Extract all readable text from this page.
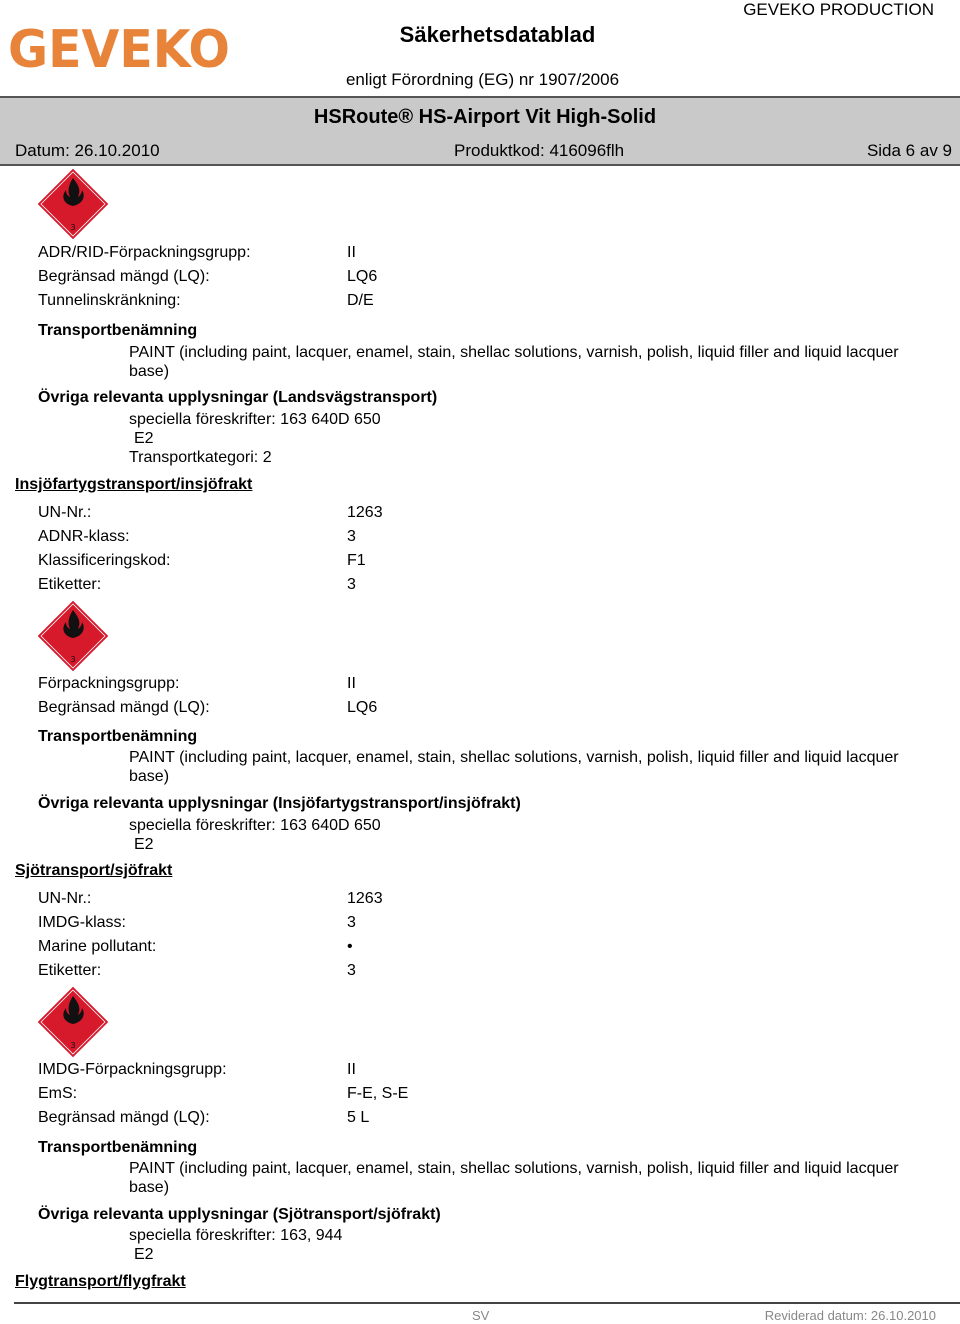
GEVEKO	Säkerhetsdatablad
GEVEKO PRODUCTION
enligt Förordning (EG) nr 1907/2006
HSRoute® HS-Airport Vit High-Solid
Datum: 26.10.2010	Produktkod: 416096flh	Sida 6 av 9
3
ADR/RID-Förpackningsgrupp:	II
Begränsad mängd (LQ):	LQ6
Tunnelinskränkning:	D/E
Transportbenämning
PAINT (including paint, lacquer, enamel, stain, shellac solutions, varnish, polish, liquid filler and liquid lacquer base)
Övriga relevanta upplysningar (Landsvägstransport)
speciella föreskrifter: 163 640D 650
E2
Transportkategori: 2
Insjöfartygstransport/insjöfrakt
UN-Nr.:	1263
ADNR-klass:	3
Klassificeringskod:	F1
Etiketter:	3
3
Förpackningsgrupp:	II
Begränsad mängd (LQ):	LQ6
Transportbenämning
PAINT (including paint, lacquer, enamel, stain, shellac solutions, varnish, polish, liquid filler and liquid lacquer base)
Övriga relevanta upplysningar (Insjöfartygstransport/insjöfrakt)
speciella föreskrifter: 163 640D 650
E2
Sjötransport/sjöfrakt
UN-Nr.:	1263
IMDG-klass:	3
Marine pollutant:	•
Etiketter:	3
3
IMDG-Förpackningsgrupp:	II
EmS:	F-E, S-E
Begränsad mängd (LQ):	5 L
Transportbenämning
PAINT (including paint, lacquer, enamel, stain, shellac solutions, varnish, polish, liquid filler and liquid lacquer base)
Övriga relevanta upplysningar (Sjötransport/sjöfrakt)
speciella föreskrifter: 163, 944
E2
Flygtransport/flygfrakt
SV	Reviderad datum: 26.10.2010
